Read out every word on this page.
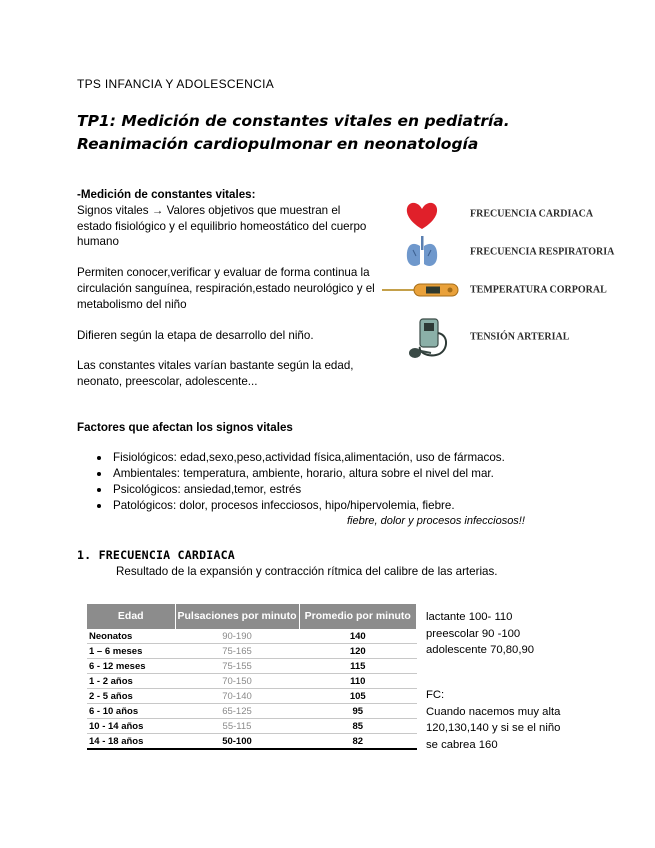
TPS INFANCIA Y ADOLESCENCIA
TP1: Medición de constantes vitales en pediatría. Reanimación cardiopulmonar en neonatología
-Medición de constantes vitales:

Signos vitales → Valores objetivos que muestran el estado fisiológico y el equilibrio homeostático del cuerpo humano

Permiten conocer,verificar y evaluar de forma continua la circulación sanguínea, respiración,estado neurológico y el metabolismo del niño

Difieren según la etapa de desarrollo del niño.

Las constantes vitales varían bastante según la edad, neonato, preescolar, adolescente...

FRECUENCIA CARDIACA
FRECUENCIA RESPIRATORIA
TEMPERATURA CORPORAL
TENSIÓN ARTERIAL
Factores que afectan los signos vitales
Fisiológicos: edad,sexo,peso,actividad física,alimentación, uso de fármacos.
Ambientales: temperatura, ambiente, horario, altura sobre el nivel del mar.
Psicológicos: ansiedad,temor, estrés
Patológicos: dolor, procesos infecciosos, hipo/hipervolemia, fiebre.
fiebre, dolor y procesos infecciosos!!
1. FRECUENCIA CARDIACA
Resultado de la expansión y contracción rítmica del calibre de las arterias.
Edad	Pulsaciones por minuto	Promedio por minuto
Neonatos	90-190	140
1 – 6 meses	75-165	120
6 - 12 meses	75-155	115
1 - 2 años	70-150	110
2 - 5 años	70-140	105
6 - 10 años	65-125	95
10 - 14 años	55-115	85
14 - 18 años	50-100	82
lactante 100- 110
preescolar 90 -100
adolescente 70,80,90
FC:
Cuando nacemos muy alta
120,130,140 y si se el niño
se cabrea 160
